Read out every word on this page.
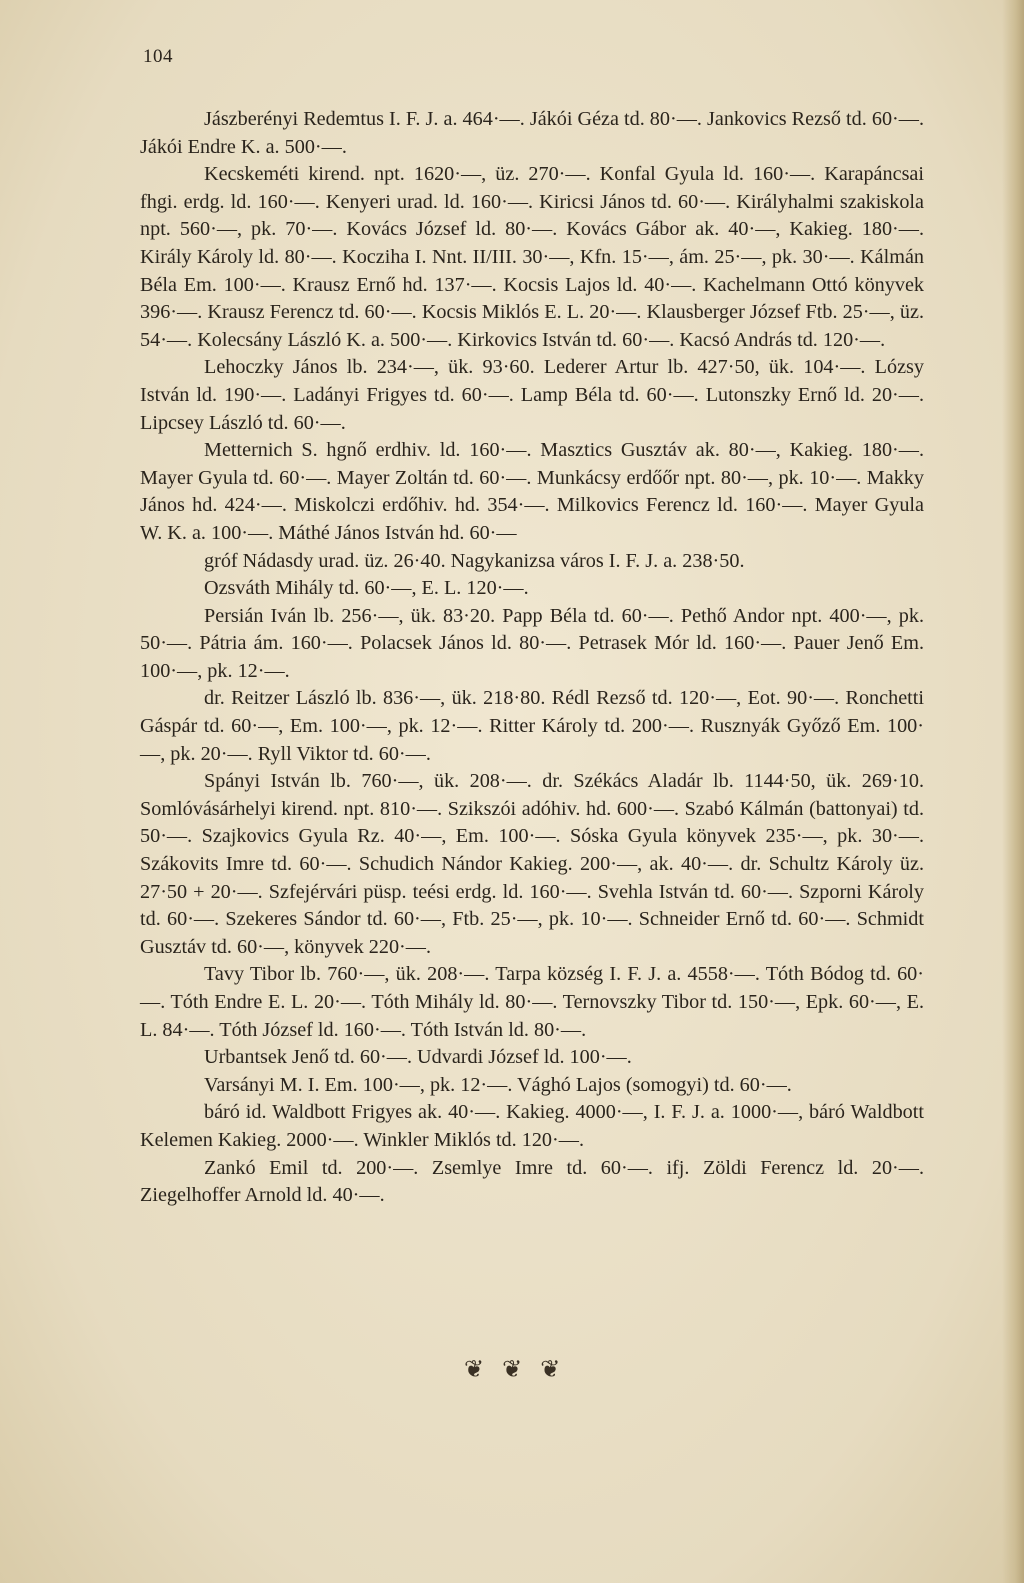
104

Jászberényi Redemtus I. F. J. a. 464·—. Jákói Géza td. 80·—. Jankovics Rezső td. 60·—. Jákói Endre K. a. 500·—.

Kecskeméti kirend. npt. 1620·—, üz. 270·—. Konfal Gyula ld. 160·—. Karapáncsai fhgi. erdg. ld. 160·—. Kenyeri urad. ld. 160·—. Kiricsi János td. 60·—. Királyhalmi szakiskola npt. 560·—, pk. 70·—. Kovács József ld. 80·—. Kovács Gábor ak. 40·—, Kakieg. 180·—. Király Károly ld. 80·—. Kocziha I. Nnt. II/III. 30·—, Kfn. 15·—, ám. 25·—, pk. 30·—. Kálmán Béla Em. 100·—. Krausz Ernő hd. 137·—. Kocsis Lajos ld. 40·—. Kachelmann Ottó könyvek 396·—. Krausz Ferencz td. 60·—. Kocsis Miklós E. L. 20·—. Klausberger József Ftb. 25·—, üz. 54·—. Kolecsány László K. a. 500·—. Kirkovics István td. 60·—. Kacsó András td. 120·—.

Lehoczky János lb. 234·—, ük. 93·60. Lederer Artur lb. 427·50, ük. 104·—. Lózsy István ld. 190·—. Ladányi Frigyes td. 60·—. Lamp Béla td. 60·—. Lutonszky Ernő ld. 20·—. Lipcsey László td. 60·—.

Metternich S. hgnő erdhiv. ld. 160·—. Masztics Gusztáv ak. 80·—, Kakieg. 180·—. Mayer Gyula td. 60·—. Mayer Zoltán td. 60·—. Munkácsy erdőőr npt. 80·—, pk. 10·—. Makky János hd. 424·—. Miskolczi erdőhiv. hd. 354·—. Milkovics Ferencz ld. 160·—. Mayer Gyula W. K. a. 100·—. Máthé János István hd. 60·—

gróf Nádasdy urad. üz. 26·40. Nagykanizsa város I. F. J. a. 238·50.

Ozsváth Mihály td. 60·—, E. L. 120·—.

Persián Iván lb. 256·—, ük. 83·20. Papp Béla td. 60·—. Pethő Andor npt. 400·—, pk. 50·—. Pátria ám. 160·—. Polacsek János ld. 80·—. Petrasek Mór ld. 160·—. Pauer Jenő Em. 100·—, pk. 12·—.

dr. Reitzer László lb. 836·—, ük. 218·80. Rédl Rezső td. 120·—, Eot. 90·—. Ronchetti Gáspár td. 60·—, Em. 100·—, pk. 12·—. Ritter Károly td. 200·—. Rusznyák Győző Em. 100·—, pk. 20·—. Ryll Viktor td. 60·—.

Spányi István lb. 760·—, ük. 208·—. dr. Székács Aladár lb. 1144·50, ük. 269·10. Somlóvásárhelyi kirend. npt. 810·—. Szikszói adóhiv. hd. 600·—. Szabó Kálmán (battonyai) td. 50·—. Szajkovics Gyula Rz. 40·—, Em. 100·—. Sóska Gyula könyvek 235·—, pk. 30·—. Szákovits Imre td. 60·—. Schudich Nándor Kakieg. 200·—, ak. 40·—. dr. Schultz Károly üz. 27·50 + 20·—. Szfejérvári püsp. teési erdg. ld. 160·—. Svehla István td. 60·—. Szporni Károly td. 60·—. Szekeres Sándor td. 60·—, Ftb. 25·—, pk. 10·—. Schneider Ernő td. 60·—. Schmidt Gusztáv td. 60·—, könyvek 220·—.

Tavy Tibor lb. 760·—, ük. 208·—. Tarpa község I. F. J. a. 4558·—. Tóth Bódog td. 60·—. Tóth Endre E. L. 20·—. Tóth Mihály ld. 80·—. Ternovszky Tibor td. 150·—, Epk. 60·—, E. L. 84·—. Tóth József ld. 160·—. Tóth István ld. 80·—.

Urbantsek Jenő td. 60·—. Udvardi József ld. 100·—.

Varsányi M. I. Em. 100·—, pk. 12·—. Vághó Lajos (somogyi) td. 60·—.

báró id. Waldbott Frigyes ak. 40·—. Kakieg. 4000·—, I. F. J. a. 1000·—, báró Waldbott Kelemen Kakieg. 2000·—. Winkler Miklós td. 120·—.

Zankó Emil td. 200·—. Zsemlye Imre td. 60·—. ifj. Zöldi Ferencz ld. 20·—. Ziegelhoffer Arnold ld. 40·—.

❦ ❦ ❦
